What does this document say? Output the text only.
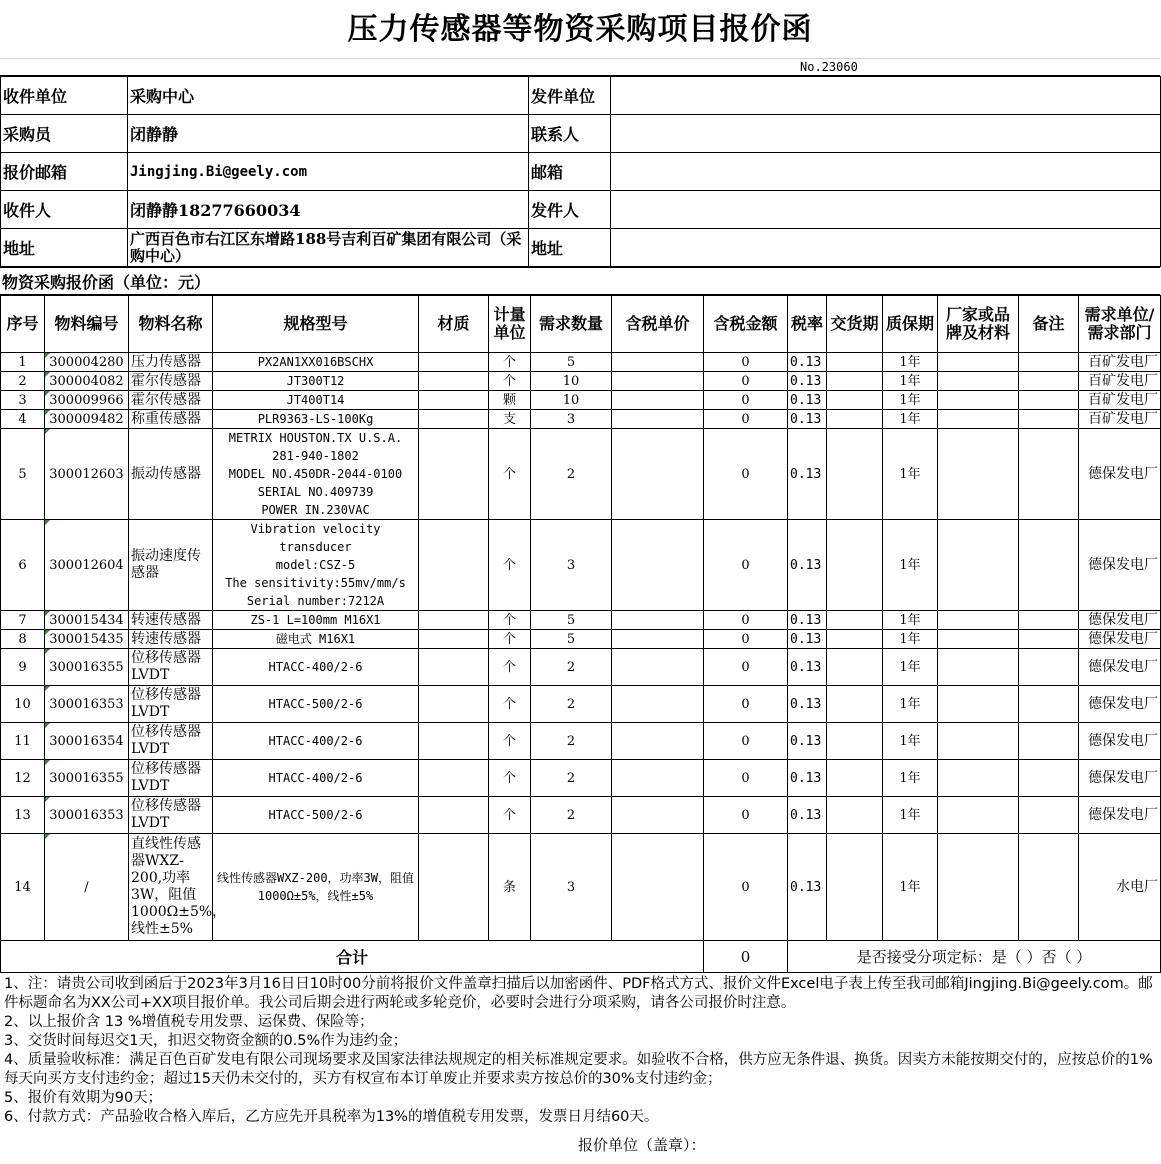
压力传感器等物资采购项目报价函
No.23060
收件单位	采购中心	发件单位	
采购员	闭静静	联系人	
报价邮箱	Jingjing.Bi@geely.com	邮箱	
收件人	闭静静18277660034	发件人	
地址	广西百色市右江区东增路188号吉利百矿集团有限公司（采购中心）	地址	
物资采购报价函（单位：元）
序号	物料编号	物料名称	规格型号	材质	计量单位	需求数量	含税单价	含税金额	税率	交货期	质保期	厂家或品牌及材料	备注	需求单位/需求部门
1	300004280	压力传感器	PX2AN1XX016BSCHX		个	5		0	0.13		1年			百矿发电厂
2	300004082	霍尔传感器	JT300T12		个	10		0	0.13		1年			百矿发电厂
3	300009966	霍尔传感器	JT400T14		颗	10		0	0.13		1年			百矿发电厂
4	300009482	称重传感器	PLR9363-LS-100Kg		支	3		0	0.13		1年			百矿发电厂
5	300012603	振动传感器	METRIX HOUSTON.TX U.S.A.
281-940-1802
MODEL NO.450DR-2044-0100
SERIAL NO.409739
POWER IN.230VAC		个	2		0	0.13		1年			德保发电厂
6	300012604	振动速度传感器	Vibration velocity
transducer
model:CSZ-5
The sensitivity:55mv/mm/s
Serial number:7212A		个	3		0	0.13		1年			德保发电厂
7	300015434	转速传感器	ZS-1 L=100mm M16X1		个	5		0	0.13		1年			德保发电厂
8	300015435	转速传感器	磁电式 M16X1		个	5		0	0.13		1年			德保发电厂
9	300016355	位移传感器LVDT	HTACC-400/2-6		个	2		0	0.13		1年			德保发电厂
10	300016353	位移传感器LVDT	HTACC-500/2-6		个	2		0	0.13		1年			德保发电厂
11	300016354	位移传感器LVDT	HTACC-400/2-6		个	2		0	0.13		1年			德保发电厂
12	300016355	位移传感器LVDT	HTACC-400/2-6		个	2		0	0.13		1年			德保发电厂
13	300016353	位移传感器LVDT	HTACC-500/2-6		个	2		0	0.13		1年			德保发电厂
14	/	直线性传感器WXZ-200,功率3W，阻值1000Ω±5%，线性±5%	线性传感器WXZ-200，功率3W，阻值1000Ω±5%，线性±5%		条	3		0	0.13		1年			水电厂
合计								0	是否接受分项定标：是（ ）否（ ）					
1、注：请贵公司收到函后于2023年3月16日日10时00分前将报价文件盖章扫描后以加密函件、PDF格式方式、报价文件Excel电子表上传至我司邮箱Jingjing.Bi@geely.com。邮件标题命名为XX公司+XX项目报价单。我公司后期会进行两轮或多轮竞价，必要时会进行分项采购，请各公司报价时注意。
2、以上报价含 13 %增值税专用发票、运保费、保险等；
3、交货时间每迟交1天，扣迟交物资金额的0.5%作为违约金；
4、质量验收标准：满足百色百矿发电有限公司现场要求及国家法律法规规定的相关标准规定要求。如验收不合格，供方应无条件退、换货。因卖方未能按期交付的，应按总价的1% 每天向买方支付违约金；超过15天仍未交付的，买方有权宣布本订单废止并要求卖方按总价的30%支付违约金；
5、报价有效期为90天；
6、付款方式：产品验收合格入库后，乙方应先开具税率为13%的增值税专用发票，发票日月结60天。
报价单位（盖章）：
